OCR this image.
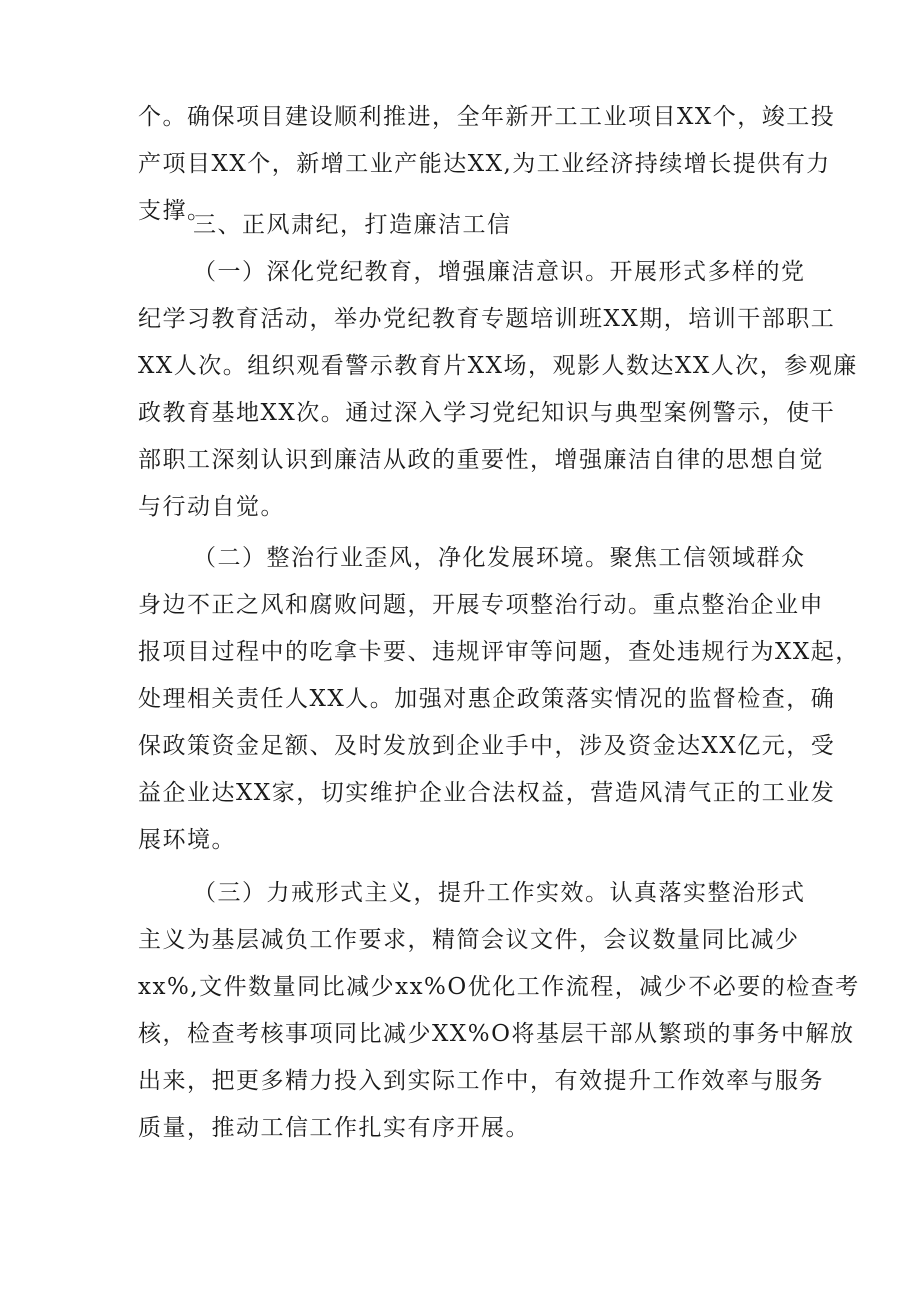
个。确保项目建设顺利推进，全年新开工工业项目XX个，竣工投
产项目XX个，新增工业产能达XX,为工业经济持续增长提供有力
支撑。
三、正风肃纪，打造廉洁工信
（一）深化党纪教育，增强廉洁意识。开展形式多样的党
纪学习教育活动，举办党纪教育专题培训班XX期，培训干部职工
XX人次。组织观看警示教育片XX场，观影人数达XX人次，参观廉
政教育基地XX次。通过深入学习党纪知识与典型案例警示，使干
部职工深刻认识到廉洁从政的重要性，增强廉洁自律的思想自觉
与行动自觉。
（二）整治行业歪风，净化发展环境。聚焦工信领域群众
身边不正之风和腐败问题，开展专项整治行动。重点整治企业申
报项目过程中的吃拿卡要、违规评审等问题，查处违规行为XX起，
处理相关责任人XX人。加强对惠企政策落实情况的监督检查，确
保政策资金足额、及时发放到企业手中，涉及资金达XX亿元，受
益企业达XX家，切实维护企业合法权益，营造风清气正的工业发
展环境。
（三）力戒形式主义，提升工作实效。认真落实整治形式
主义为基层减负工作要求，精简会议文件，会议数量同比减少
xx%,文件数量同比减少xx%O优化工作流程，减少不必要的检查考
核，检查考核事项同比减少XX%O将基层干部从繁琐的事务中解放
出来，把更多精力投入到实际工作中，有效提升工作效率与服务
质量，推动工信工作扎实有序开展。
